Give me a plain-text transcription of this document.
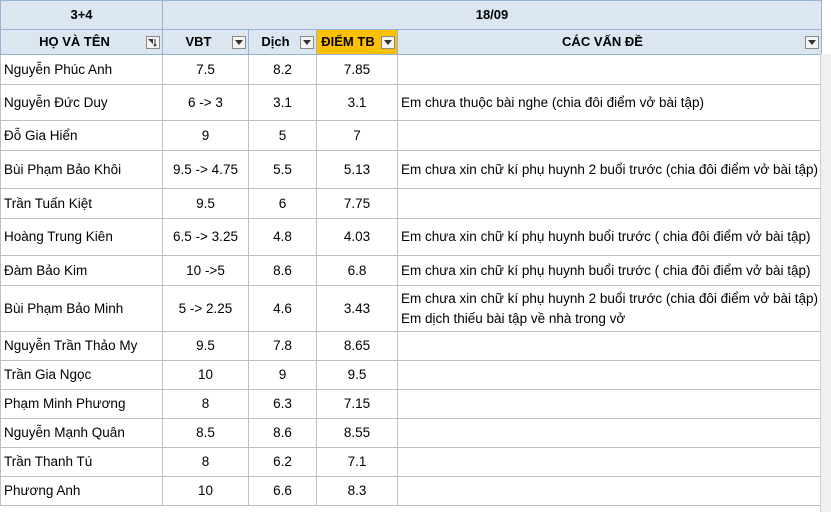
3+4	18/09			
HỌ VÀ TÊN	VBT	Dịch	ĐIỂM TB	CÁC VẤN ĐỀ

Nguyễn Phúc Anh	7.5	8.2	7.85	

Nguyễn Đức Duy	6 -> 3	3.1	3.1	Em chưa thuộc bài nghe (chia đôi điểm vở bài tập)

Đỗ Gia Hiển	9	5	7	

Bùi Phạm Bảo Khôi	9.5 -> 4.75	5.5	5.13	Em chưa xin chữ kí phụ huynh 2 buổi trước (chia đôi điểm vở bài tập)

Trần Tuấn Kiệt	9.5	6	7.75	

Hoàng Trung Kiên	6.5 -> 3.25	4.8	4.03	Em chưa xin chữ kí phụ huynh buổi trước ( chia đôi điểm vở bài tập)

Đàm Bảo Kim	10 ->5	8.6	6.8	Em chưa xin chữ kí phụ huynh buổi trước ( chia đôi điểm vở bài tập)

Bùi Phạm Bảo Minh	5 -> 2.25	4.6	3.43	Em chưa xin chữ kí phụ huynh 2 buổi trước (chia đôi điểm vở bài tập)
Em dịch thiếu bài tập về nhà trong vở

Nguyễn Trần Thảo My	9.5	7.8	8.65	

Trần Gia Ngọc	10	9	9.5	

Phạm Minh Phương	8	6.3	7.15	

Nguyễn Mạnh Quân	8.5	8.6	8.55	

Trần Thanh Tú	8	6.2	7.1	

Phương Anh	10	6.6	8.3	
